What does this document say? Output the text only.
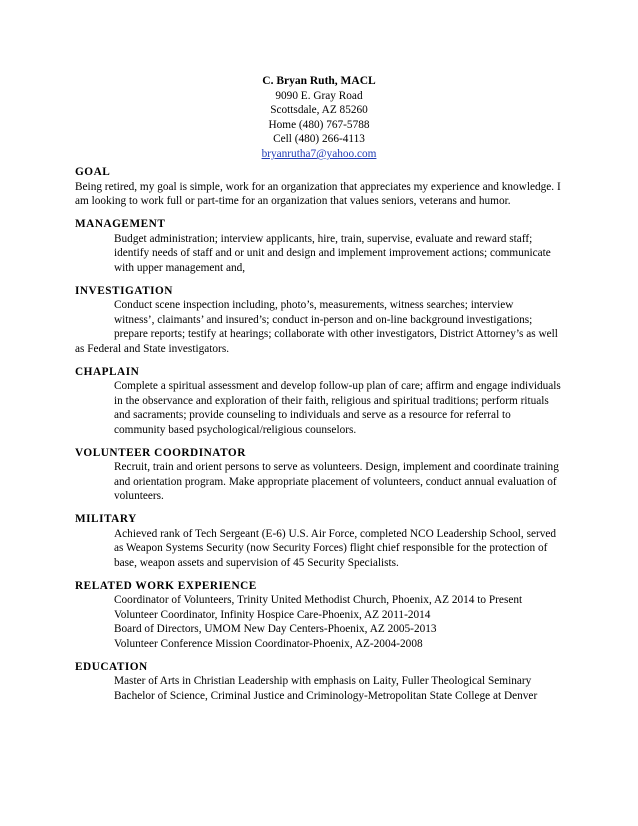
C. Bryan Ruth, MACL
9090 E. Gray Road
Scottsdale, AZ 85260
Home (480) 767-5788
Cell (480) 266-4113
bryanrutha7@yahoo.com
GOAL
Being retired, my goal is simple, work for an organization that appreciates my experience and knowledge. I
am looking to work full or part-time for an organization that values seniors, veterans and humor.
MANAGEMENT
Budget administration; interview applicants, hire, train, supervise, evaluate and reward staff;
identify needs of staff and or unit and design and implement improvement actions; communicate
with upper management and,
INVESTIGATION
Conduct scene inspection including, photo’s, measurements, witness searches; interview
witness’, claimants’ and insured’s; conduct in-person and on-line background investigations;
prepare reports; testify at hearings; collaborate with other investigators, District Attorney’s as well
as Federal and State investigators.
CHAPLAIN
Complete a spiritual assessment and develop follow-up plan of care; affirm and engage individuals
in the observance and exploration of their faith, religious and spiritual traditions; perform rituals
and sacraments; provide counseling to individuals and serve as a resource for referral to
community based psychological/religious counselors.
VOLUNTEER COORDINATOR
Recruit, train and orient persons to serve as volunteers. Design, implement and coordinate training
and orientation program. Make appropriate placement of volunteers, conduct annual evaluation of
volunteers.
MILITARY
Achieved rank of Tech Sergeant (E-6) U.S. Air Force, completed NCO Leadership School, served
as Weapon Systems Security (now Security Forces) flight chief responsible for the protection of
base, weapon assets and supervision of 45 Security Specialists.
RELATED WORK EXPERIENCE
Coordinator of Volunteers, Trinity United Methodist Church, Phoenix, AZ 2014 to Present
Volunteer Coordinator, Infinity Hospice Care-Phoenix, AZ 2011-2014
Board of Directors, UMOM New Day Centers-Phoenix, AZ 2005-2013
Volunteer Conference Mission Coordinator-Phoenix, AZ-2004-2008
EDUCATION
Master of Arts in Christian Leadership with emphasis on Laity, Fuller Theological Seminary
Bachelor of Science, Criminal Justice and Criminology-Metropolitan State College at Denver
